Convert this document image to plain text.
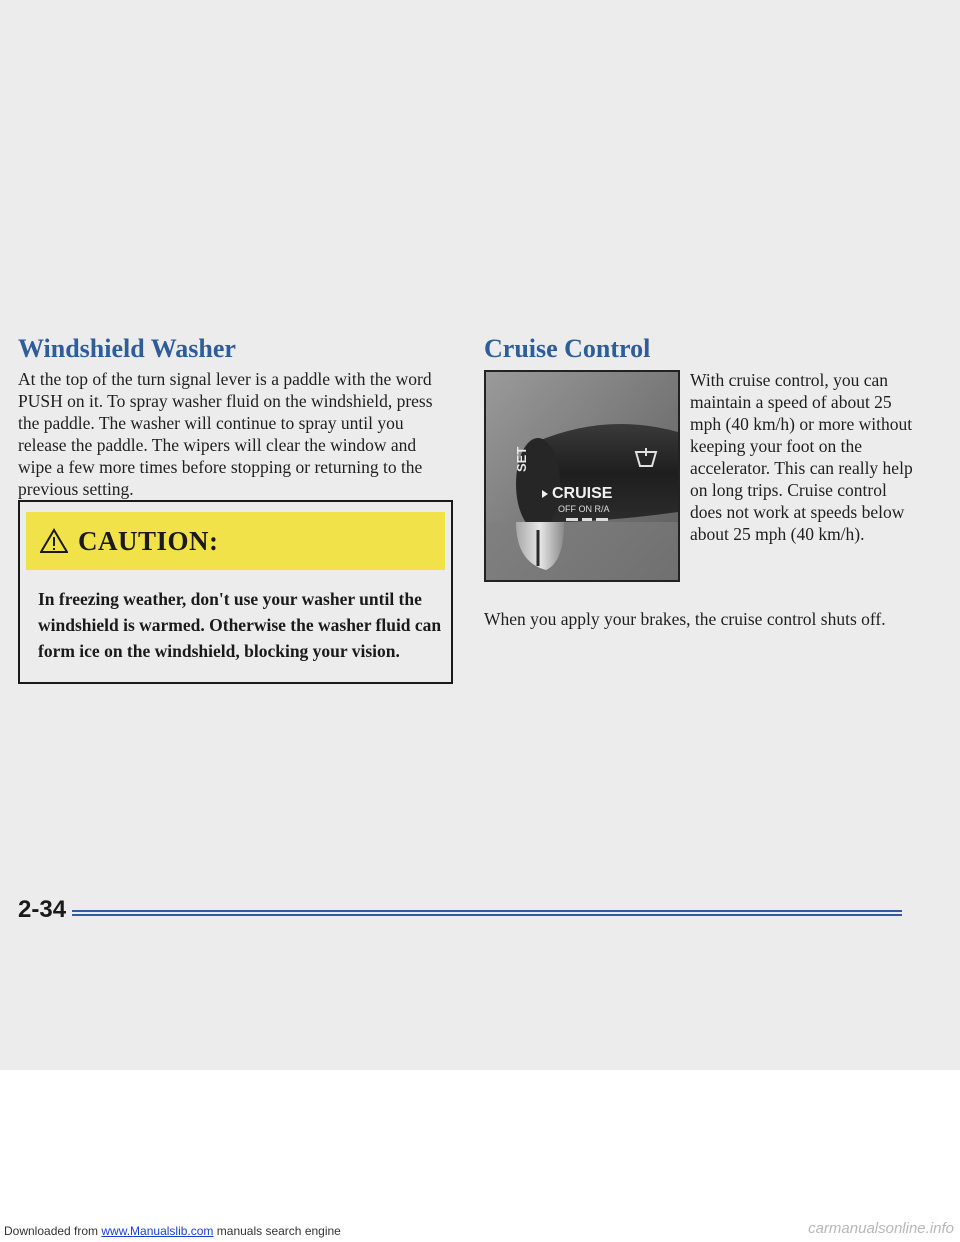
Windshield Washer

At the top of the turn signal lever is a paddle with the word PUSH on it. To spray washer fluid on the windshield, press the paddle. The washer will continue to spray until you release the paddle. The wipers will clear the window and wipe a few more times before stopping or returning to the previous setting.

CAUTION:

In freezing weather, don't use your washer until the windshield is warmed. Otherwise the washer fluid can form ice on the windshield, blocking your vision.

Cruise Control
SET
CRUISE
OFF ON R/A

With cruise control, you can maintain a speed of about 25 mph (40 km/h) or more without keeping your foot on the accelerator. This can really help on long trips. Cruise control does not work at speeds below about 25 mph (40 km/h).

When you apply your brakes, the cruise control shuts off.

2-34
Downloaded from www.Manualslib.com manuals search engine	carmanualsonline.info
